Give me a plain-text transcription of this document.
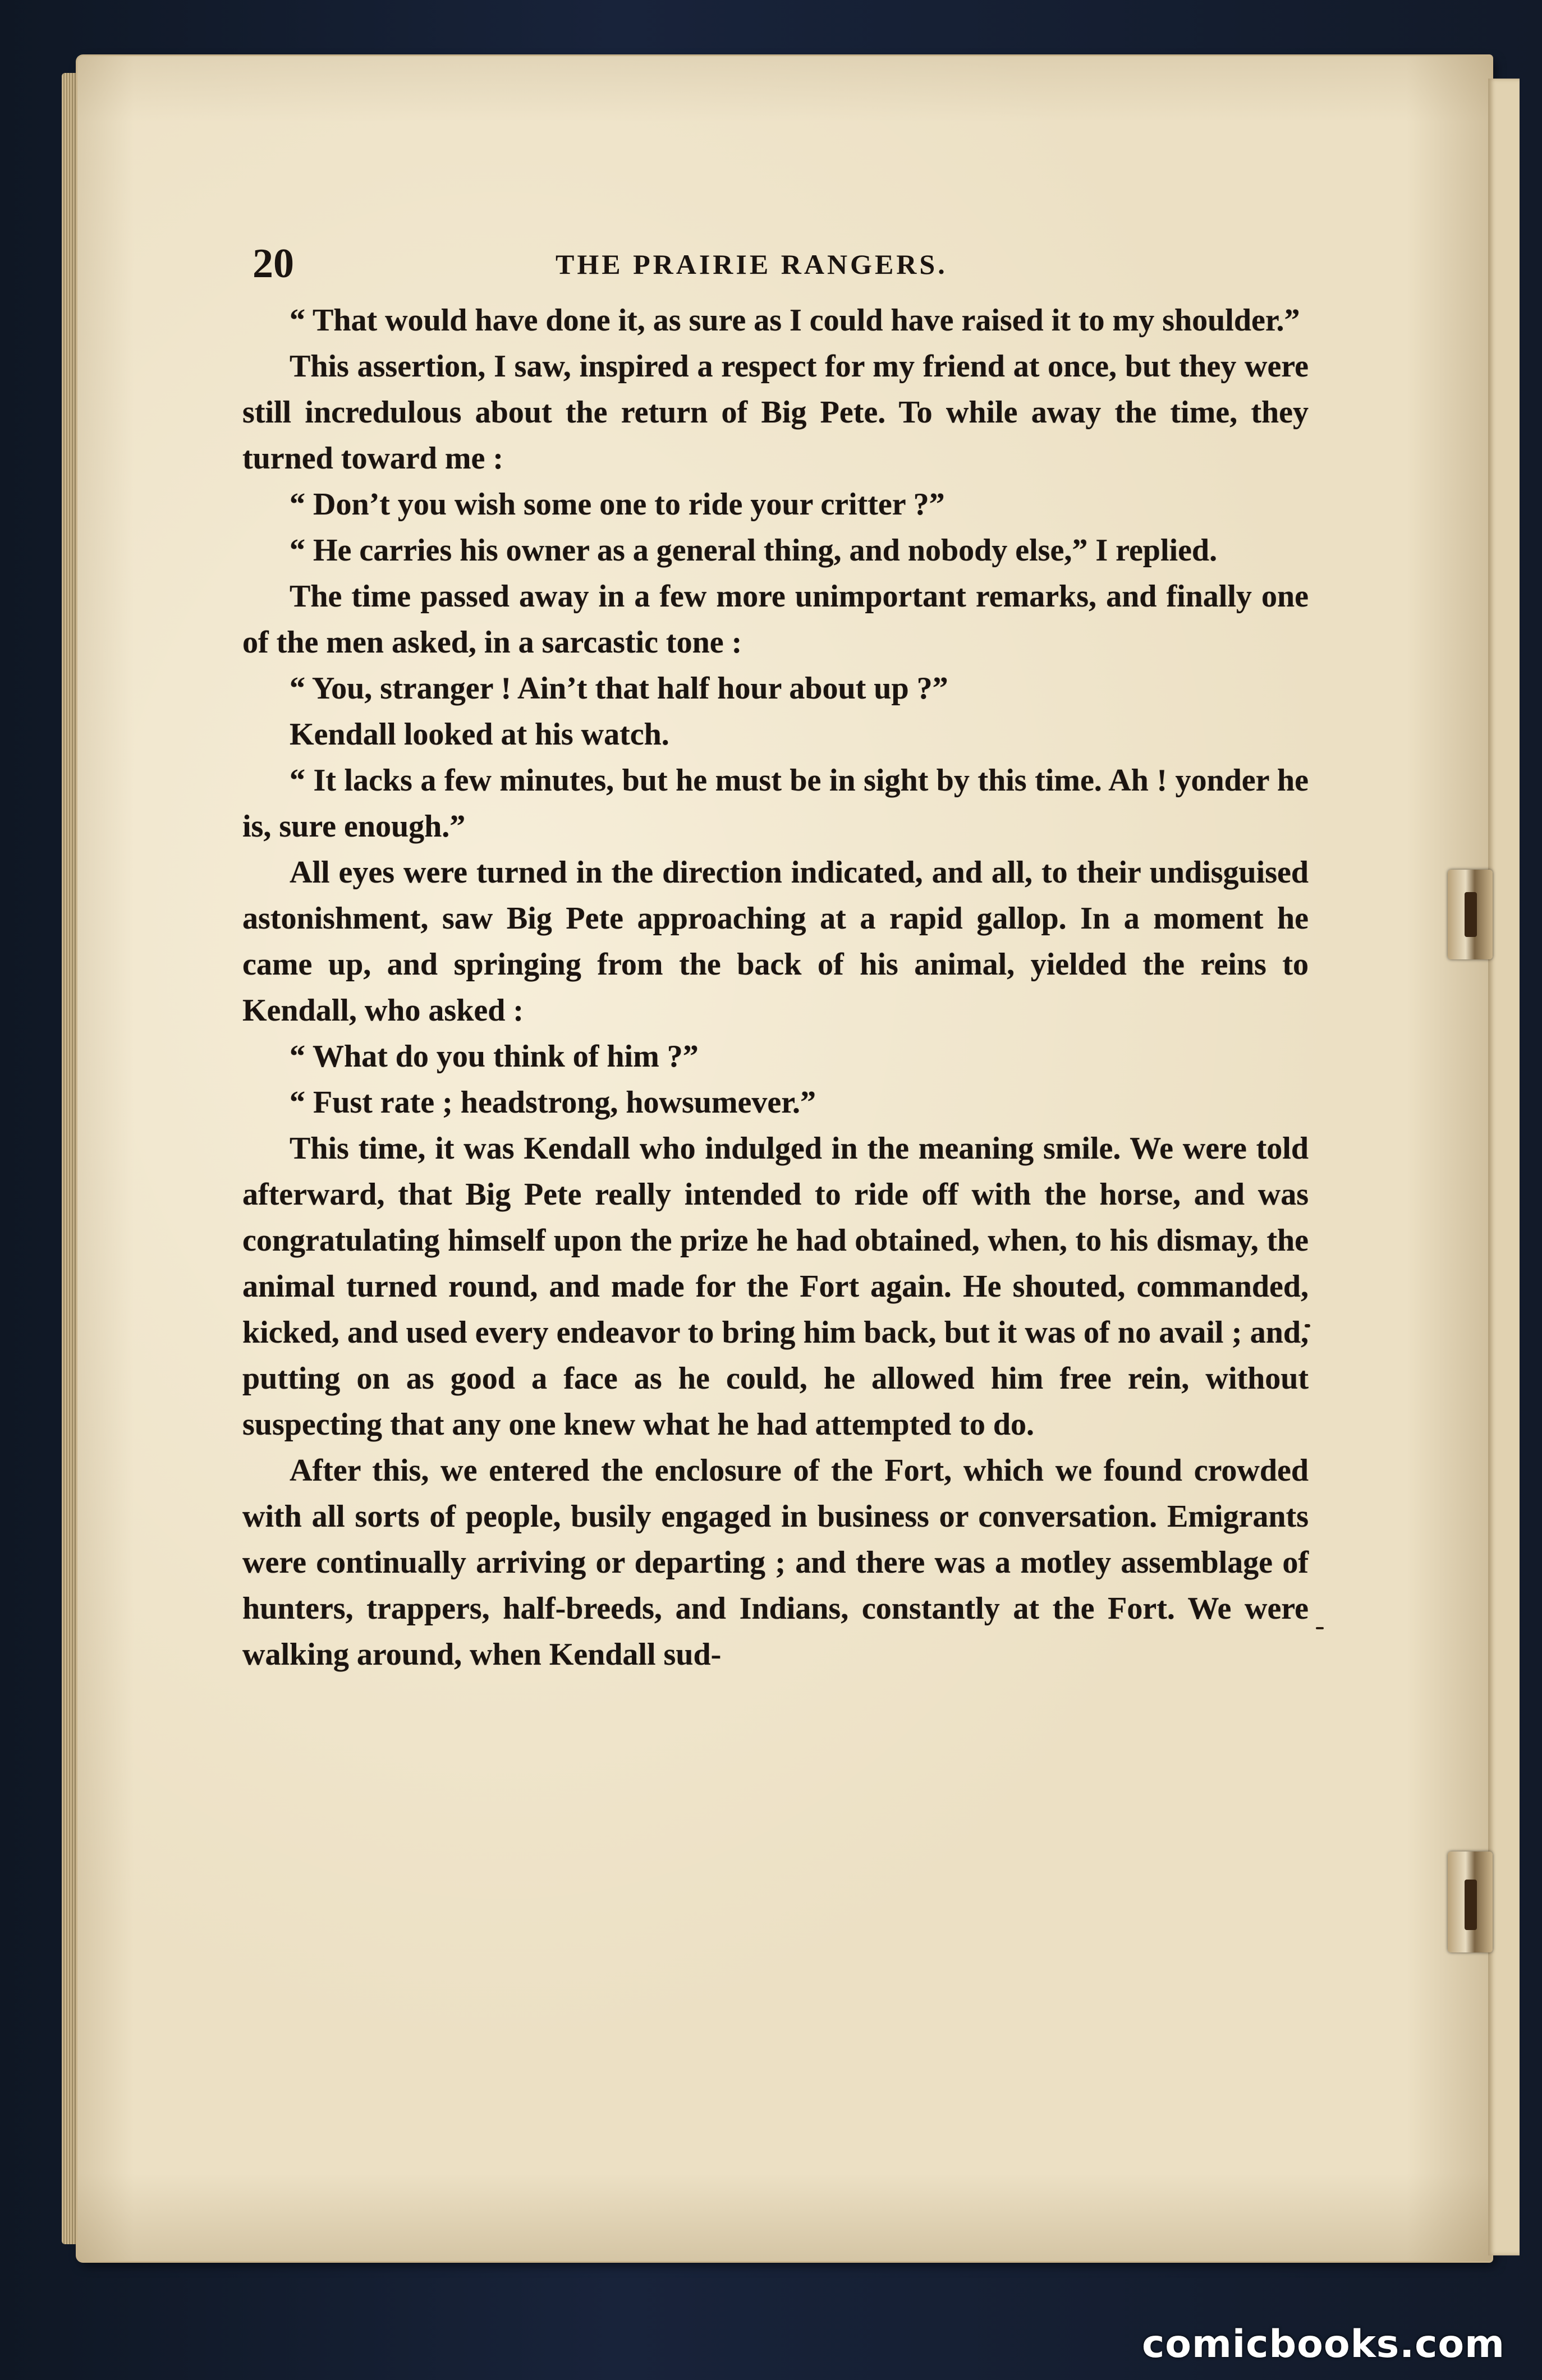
20	THE PRAIRIE RANGERS.

“ That would have done it, as sure as I could have raised it to my shoulder.”

This assertion, I saw, inspired a respect for my friend at once, but they were still incredulous about the return of Big Pete. To while away the time, they turned toward me :

“ Don’t you wish some one to ride your critter ?”

“ He carries his owner as a general thing, and nobody else,” I replied.

The time passed away in a few more unimportant remarks, and finally one of the men asked, in a sarcastic tone :

“ You, stranger ! Ain’t that half hour about up ?”

Kendall looked at his watch.

“ It lacks a few minutes, but he must be in sight by this time. Ah ! yonder he is, sure enough.”

All eyes were turned in the direction indicated, and all, to their undisguised astonishment, saw Big Pete approaching at a rapid gallop. In a moment he came up, and springing from the back of his animal, yielded the reins to Kendall, who asked :

“ What do you think of him ?”

“ Fust rate ; headstrong, howsumever.”

This time, it was Kendall who indulged in the meaning smile. We were told afterward, that Big Pete really intended to ride off with the horse, and was congratulating himself upon the prize he had obtained, when, to his dismay, the animal turned round, and made for the Fort again. He shouted, commanded, kicked, and used every endeavor to bring him back, but it was of no avail ; and, putting on as good a face as he could, he allowed him free rein, without suspecting that any one knew what he had attempted to do.

After this, we entered the enclosure of the Fort, which we found crowded with all sorts of people, busily engaged in business or conversation. Emigrants were continually arriving or departing ; and there was a motley assemblage of hunters, trappers, half-breeds, and Indians, constantly at the Fort. We were walking around, when Kendall sud-

comicbooks.com
